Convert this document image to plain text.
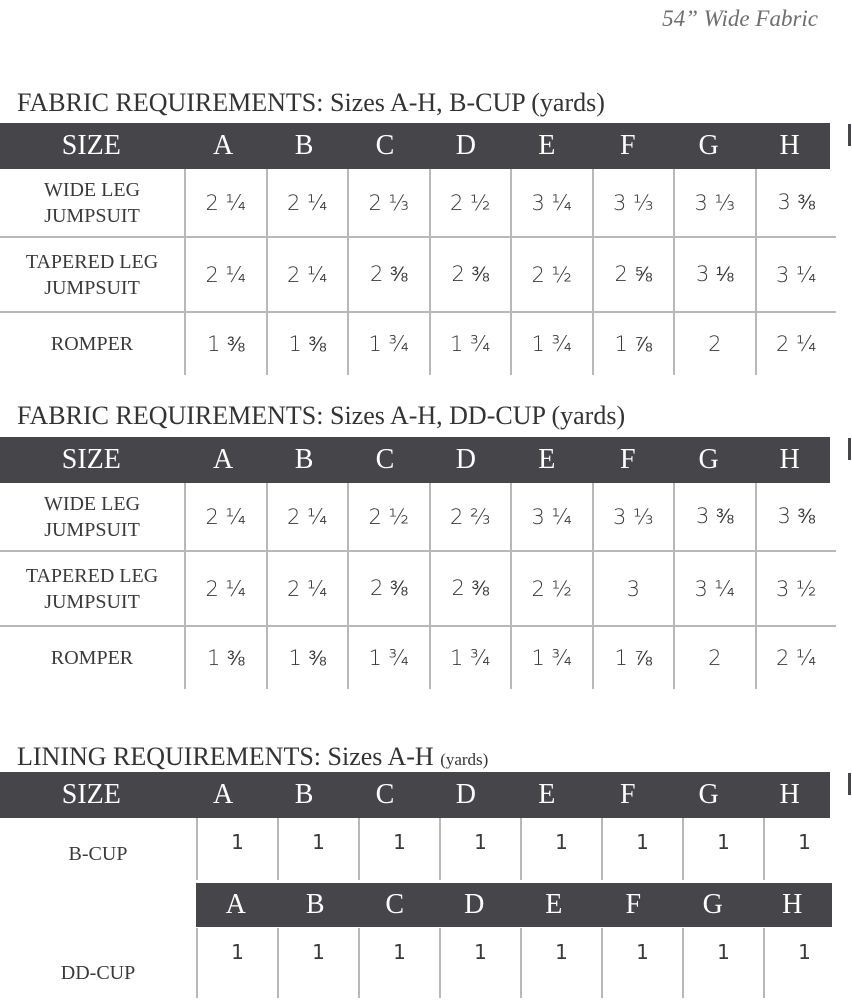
54” Wide Fabric
FABRIC REQUIREMENTS: Sizes A-H, B-CUP (yards)
SIZE	A	B	C	D	E	F	G	H
WIDE LEG
JUMPSUIT
2 ¼	2 ¼	2 ⅓	2 ½	3 ¼	3 ⅓	3 ⅓	3 ⅜
TAPERED LEG
JUMPSUIT
2 ¼	2 ¼	2 ⅜	2 ⅜	2 ½	2 ⅝	3 ⅛	3 ¼
ROMPER	1 ⅜	1 ⅜	1 ¾	1 ¾	1 ¾	1 ⅞	2	2 ¼
FABRIC REQUIREMENTS: Sizes A-H, DD-CUP (yards)
SIZE	A	B	C	D	E	F	G	H
WIDE LEG
JUMPSUIT
2 ¼	2 ¼	2 ½	2 ⅔	3 ¼	3 ⅓	3 ⅜	3 ⅜
TAPERED LEG
JUMPSUIT
2 ¼	2 ¼	2 ⅜	2 ⅜	2 ½	3	3 ¼	3 ½
ROMPER	1 ⅜	1 ⅜	1 ¾	1 ¾	1 ¾	1 ⅞	2	2 ¼
LINING REQUIREMENTS: Sizes A-H (yards)
SIZE	A	B	C	D	E	F	G	H
B-CUP	1	1	1	1	1	1	1	1
A	B	C	D	E	F	G	H
DD-CUP
1	1	1	1	1	1	1	1
